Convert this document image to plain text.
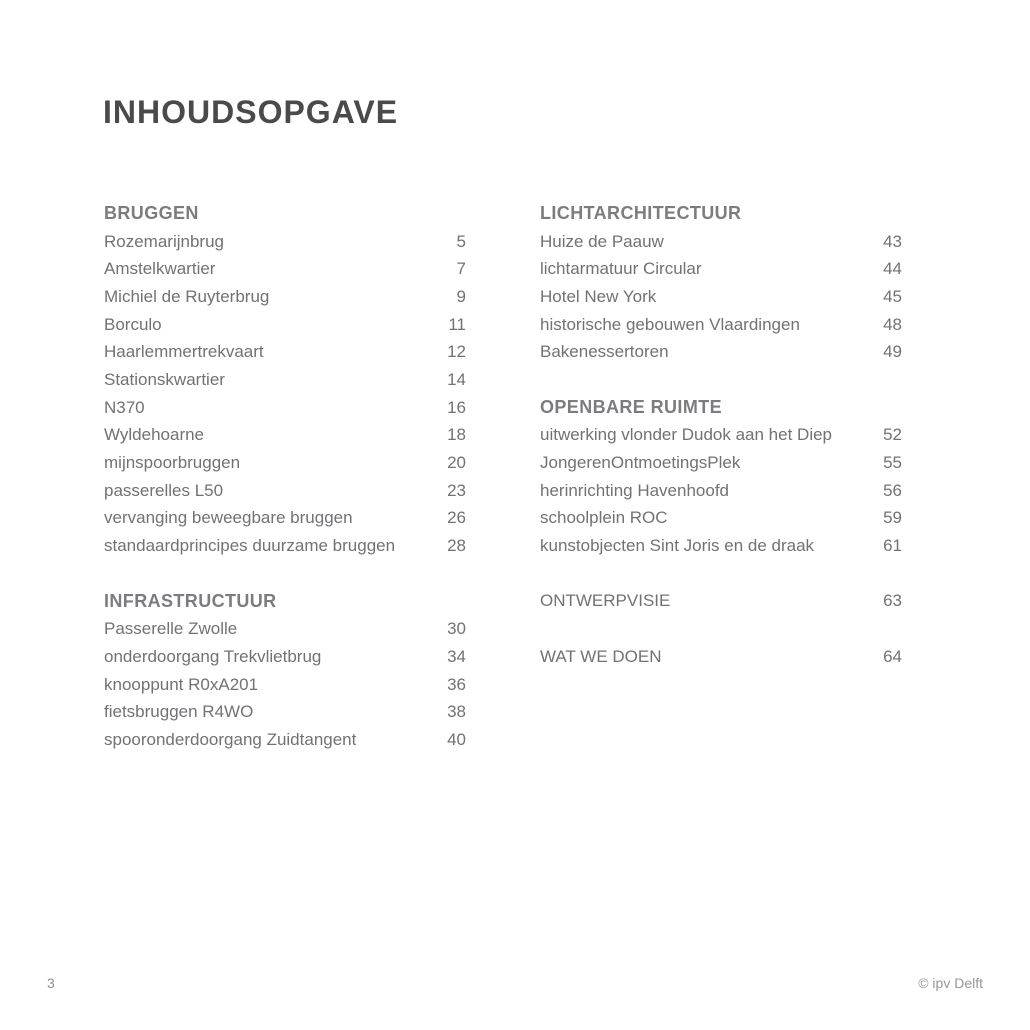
INHOUDSOPGAVE
BRUGGEN
Rozemarijnbrug	5
Amstelkwartier	7
Michiel de Ruyterbrug	9
Borculo	11
Haarlemmertrekvaart	12
Stationskwartier	14
N370	16
Wyldehoarne	18
mijnspoorbruggen	20
passerelles L50	23
vervanging beweegbare bruggen	26
standaardprincipes duurzame bruggen	28
INFRASTRUCTUUR
Passerelle Zwolle	30
onderdoorgang Trekvlietbrug	34
knooppunt R0xA201	36
fietsbruggen R4WO	38
spooronderdoorgang Zuidtangent	40
LICHTARCHITECTUUR
Huize de Paauw	43
lichtarmatuur Circular	44
Hotel New York	45
historische gebouwen Vlaardingen	48
Bakenessertoren	49
OPENBARE RUIMTE
uitwerking vlonder Dudok aan het Diep	52
JongerenOntmoetingsPlek	55
herinrichting Havenhoofd	56
schoolplein ROC	59
kunstobjecten Sint Joris en de draak	61
ONTWERPVISIE	63
WAT WE DOEN	64
3	© ipv Delft
